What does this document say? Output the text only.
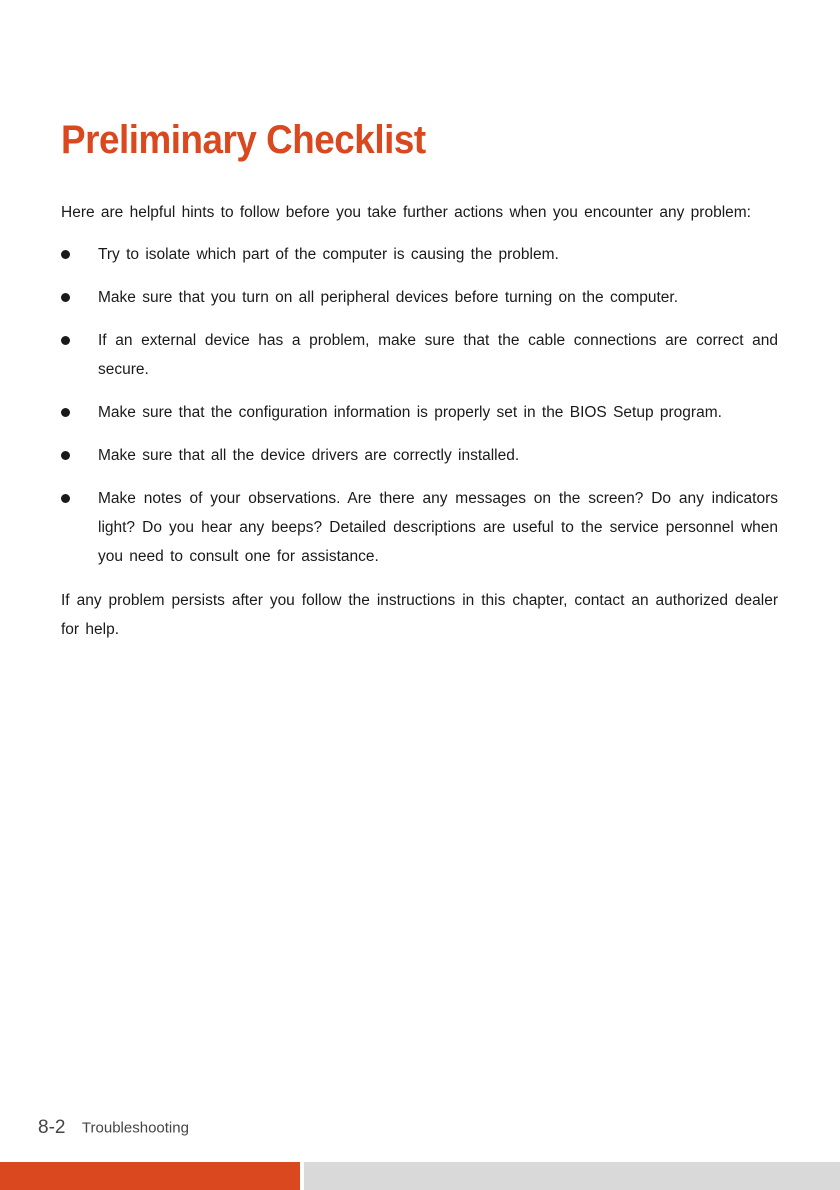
Preliminary Checklist

Here are helpful hints to follow before you take further actions when you encounter any problem:

Try to isolate which part of the computer is causing the problem.
Make sure that you turn on all peripheral devices before turning on the computer.
If an external device has a problem, make sure that the cable connections are correct and secure.
Make sure that the configuration information is properly set in the BIOS Setup program.
Make sure that all the device drivers are correctly installed.
Make notes of your observations. Are there any messages on the screen? Do any indicators light? Do you hear any beeps? Detailed descriptions are useful to the service personnel when you need to consult one for assistance.

If any problem persists after you follow the instructions in this chapter, contact an authorized dealer for help.

8-2 Troubleshooting
